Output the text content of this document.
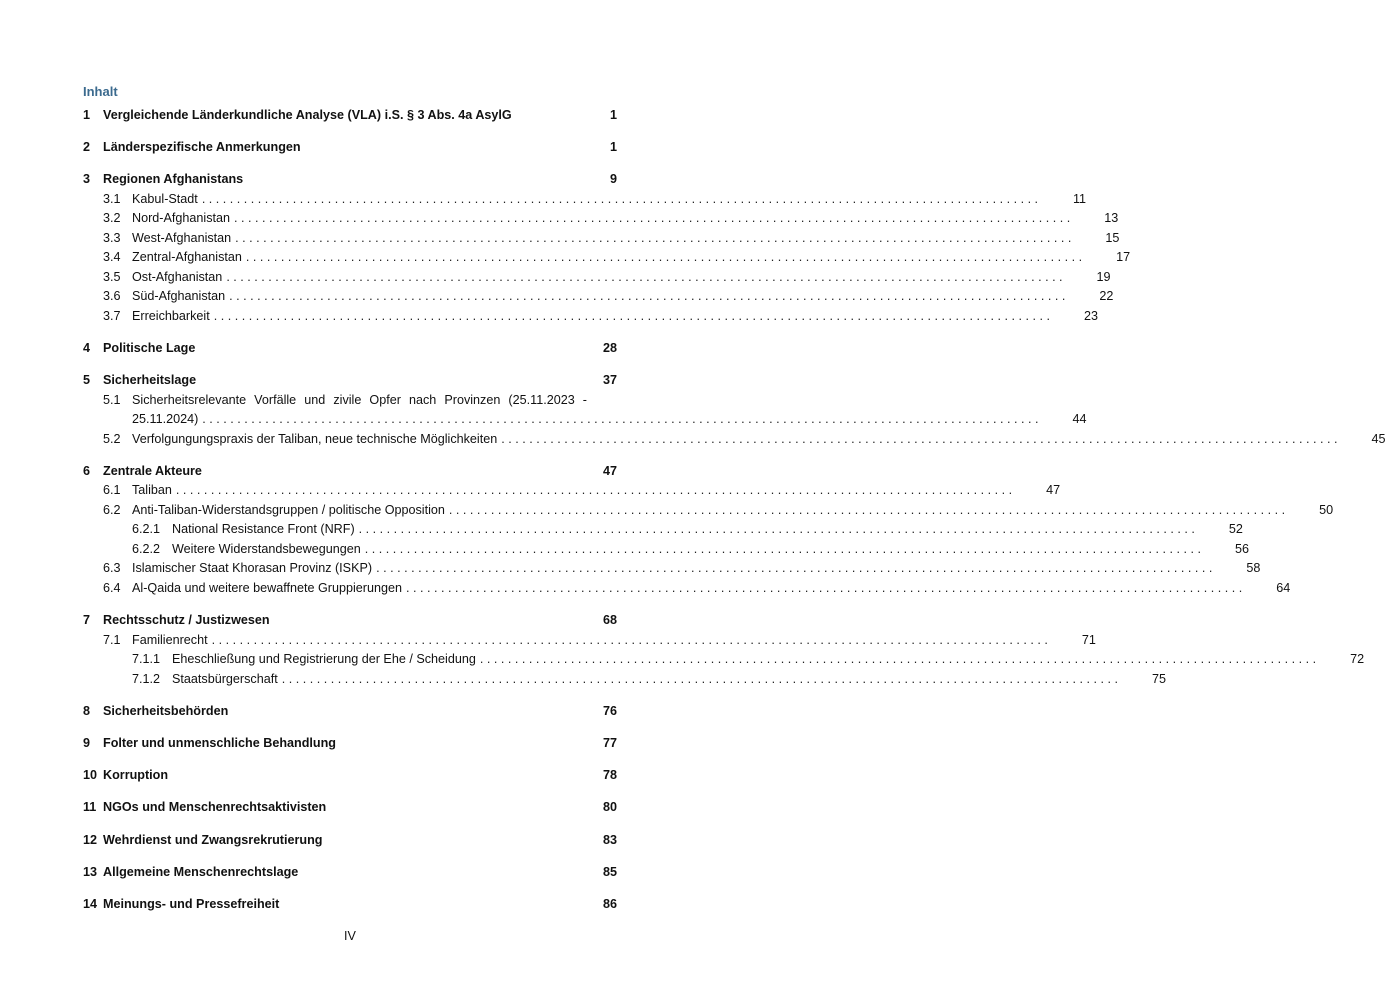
Inhalt
1	Vergleichende Länderkundliche Analyse (VLA) i.S. § 3 Abs. 4a AsylG	1
2	Länderspezifische Anmerkungen	1
3	Regionen Afghanistans	9
3.1 Kabul-Stadt . . . . . . . . . . . . . . . . . . . . . . . . . . . . . . . . . . . . . . . . . . . . . . . . . . . . . . . . . . . . . . . . . . . . . . . . . . . . . . . . . . . . . . . . . . . . . . . . . . . . . . . . . . . . . . . . . . . . . . . .	11
3.2 Nord-Afghanistan . . . . . . . . . . . . . . . . . . . . . . . . . . . . . . . . . . . . . . . . . . . . . . . . . . . . . . . . . . . . . . . . . . . . . . . . . . . . . . . . . . . . . . . . . . . . . . . . . . . . . . . . . . . . . . . . . . . . . . . .	13
3.3 West-Afghanistan . . . . . . . . . . . . . . . . . . . . . . . . . . . . . . . . . . . . . . . . . . . . . . . . . . . . . . . . . . . . . . . . . . . . . . . . . . . . . . . . . . . . . . . . . . . . . . . . . . . . . . . . . . . . . . . . . . . . . . . .	15
3.4 Zentral-Afghanistan . . . . . . . . . . . . . . . . . . . . . . . . . . . . . . . . . . . . . . . . . . . . . . . . . . . . . . . . . . . . . . . . . . . . . . . . . . . . . . . . . . . . . . . . . . . . . . . . . . . . . . . . . . . . . . . . . . . . . . . .	17
3.5 Ost-Afghanistan . . . . . . . . . . . . . . . . . . . . . . . . . . . . . . . . . . . . . . . . . . . . . . . . . . . . . . . . . . . . . . . . . . . . . . . . . . . . . . . . . . . . . . . . . . . . . . . . . . . . . . . . . . . . . . . . . . . . . . . .	19
3.6 Süd-Afghanistan . . . . . . . . . . . . . . . . . . . . . . . . . . . . . . . . . . . . . . . . . . . . . . . . . . . . . . . . . . . . . . . . . . . . . . . . . . . . . . . . . . . . . . . . . . . . . . . . . . . . . . . . . . . . . . . . . . . . . . . .	22
3.7 Erreichbarkeit . . . . . . . . . . . . . . . . . . . . . . . . . . . . . . . . . . . . . . . . . . . . . . . . . . . . . . . . . . . . . . . . . . . . . . . . . . . . . . . . . . . . . . . . . . . . . . . . . . . . . . . . . . . . . . . . . . . . . . . .	23
4	Politische Lage	28
5	Sicherheitslage	37
5.1 Sicherheitsrelevante Vorfälle und zivile Opfer nach Provinzen (25.11.2023 -
25.11.2024) . . . . . . . . . . . . . . . . . . . . . . . . . . . . . . . . . . . . . . . . . . . . . . . . . . . . . . . . . . . . . . . . . . . . . . . . . . . . . . . . . . . . . . . . . . . . . . . . . . . . . . . . . . . . . . . . . . . . . . . .	44
5.2 Verfolgungungspraxis der Taliban, neue technische Möglichkeiten . . . . . . . . . . . . . . . . . . . . . . . . . . . . . . . . . . . . . . . . . . . . . . . . . . . . . . . . . . . . . . . . . . . . . . . . . . . . . . . . . . . . . . . . . . . . . . . . . . . . . . . . . . . . . . . . . . . . . . . .	45
6	Zentrale Akteure	47
6.1 Taliban . . . . . . . . . . . . . . . . . . . . . . . . . . . . . . . . . . . . . . . . . . . . . . . . . . . . . . . . . . . . . . . . . . . . . . . . . . . . . . . . . . . . . . . . . . . . . . . . . . . . . . . . . . . . . . . . . . . . . . . .	47
6.2 Anti-Taliban-Widerstandsgruppen / politische Opposition . . . . . . . . . . . . . . . . . . . . . . . . . . . . . . . . . . . . . . . . . . . . . . . . . . . . . . . . . . . . . . . . . . . . . . . . . . . . . . . . . . . . . . . . . . . . . . . . . . . . . . . . . . . . . . . . . . . . . . . .	50
6.2.1 National Resistance Front (NRF) . . . . . . . . . . . . . . . . . . . . . . . . . . . . . . . . . . . . . . . . . . . . . . . . . . . . . . . . . . . . . . . . . . . . . . . . . . . . . . . . . . . . . . . . . . . . . . . . . . . . . . . . . . . . . . . . . . . . . . . .	52
6.2.2 Weitere Widerstandsbewegungen . . . . . . . . . . . . . . . . . . . . . . . . . . . . . . . . . . . . . . . . . . . . . . . . . . . . . . . . . . . . . . . . . . . . . . . . . . . . . . . . . . . . . . . . . . . . . . . . . . . . . . . . . . . . . . . . . . . . . . . .	56
6.3 Islamischer Staat Khorasan Provinz (ISKP) . . . . . . . . . . . . . . . . . . . . . . . . . . . . . . . . . . . . . . . . . . . . . . . . . . . . . . . . . . . . . . . . . . . . . . . . . . . . . . . . . . . . . . . . . . . . . . . . . . . . . . . . . . . . . . . . . . . . . . . .	58
6.4 Al-Qaida und weitere bewaffnete Gruppierungen . . . . . . . . . . . . . . . . . . . . . . . . . . . . . . . . . . . . . . . . . . . . . . . . . . . . . . . . . . . . . . . . . . . . . . . . . . . . . . . . . . . . . . . . . . . . . . . . . . . . . . . . . . . . . . . . . . . . . . . .	64
7	Rechtsschutz / Justizwesen	68
7.1 Familienrecht . . . . . . . . . . . . . . . . . . . . . . . . . . . . . . . . . . . . . . . . . . . . . . . . . . . . . . . . . . . . . . . . . . . . . . . . . . . . . . . . . . . . . . . . . . . . . . . . . . . . . . . . . . . . . . . . . . . . . . . .	71
7.1.1 Eheschließung und Registrierung der Ehe / Scheidung . . . . . . . . . . . . . . . . . . . . . . . . . . . . . . . . . . . . . . . . . . . . . . . . . . . . . . . . . . . . . . . . . . . . . . . . . . . . . . . . . . . . . . . . . . . . . . . . . . . . . . . . . . . . . . . . . . . . . . . .	72
7.1.2 Staatsbürgerschaft . . . . . . . . . . . . . . . . . . . . . . . . . . . . . . . . . . . . . . . . . . . . . . . . . . . . . . . . . . . . . . . . . . . . . . . . . . . . . . . . . . . . . . . . . . . . . . . . . . . . . . . . . . . . . . . . . . . . . . . .	75
8	Sicherheitsbehörden	76
9	Folter und unmenschliche Behandlung	77
10 Korruption	78
11 NGOs und Menschenrechtsaktivisten	80
12 Wehrdienst und Zwangsrekrutierung	83
13 Allgemeine Menschenrechtslage	85
14 Meinungs- und Pressefreiheit	86
IV
